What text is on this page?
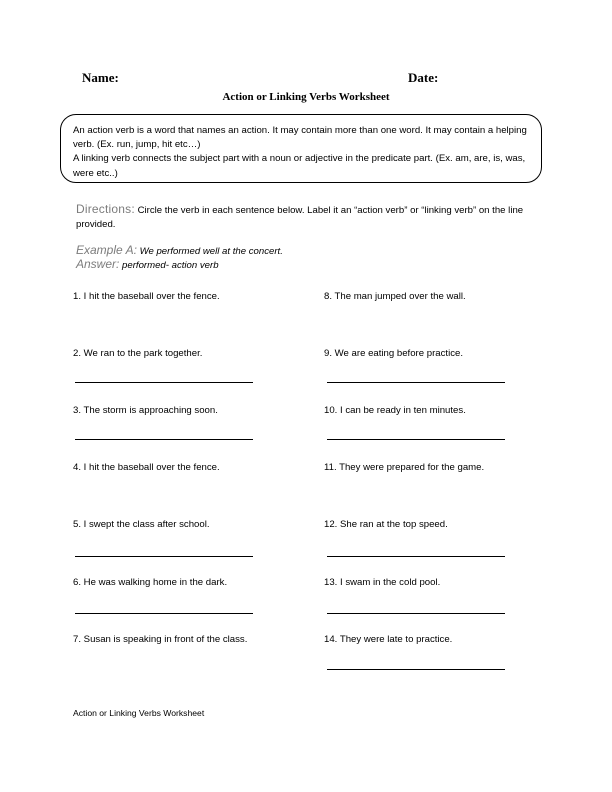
Name:	Date:
Action or Linking Verbs Worksheet

An action verb is a word that names an action. It may contain more than one word. It may contain a helping verb. (Ex. run, jump, hit etc…)

A linking verb connects the subject part with a noun or adjective in the predicate part. (Ex. am, are, is, was, were etc..)

Directions: Circle the verb in each sentence below. Label it an “action verb” or “linking verb” on the line provided.
Example A: We performed well at the concert.
Answer: performed- action verb
1. I hit the baseball over the fence.
2. We ran to the park together.
3. The storm is approaching soon.
4. I hit the baseball over the fence.
5. I swept the class after school.
6. He was walking home in the dark.
7. Susan is speaking in front of the class.
8. The man jumped over the wall.
9. We are eating before practice.
10. I can be ready in ten minutes.
11. They were prepared for the game.
12. She ran at the top speed.
13. I swam in the cold pool.
14. They were late to practice.
Action or Linking Verbs Worksheet
